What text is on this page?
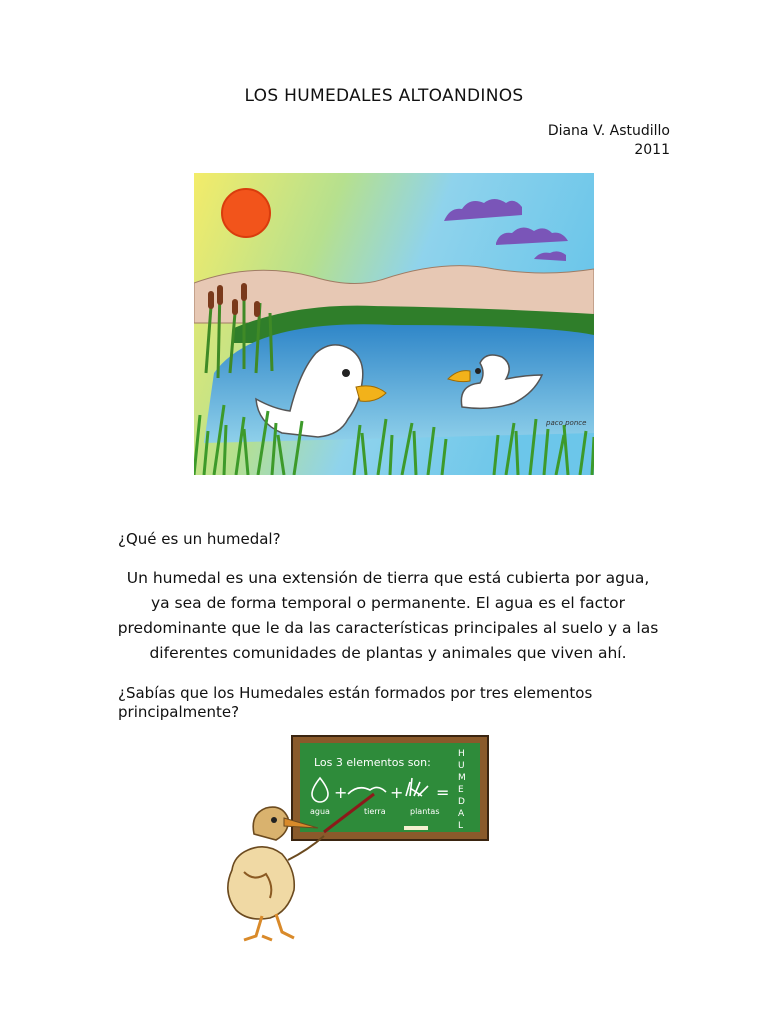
LOS HUMEDALES ALTOANDINOS
Diana V. Astudillo
2011
paco ponce
¿Qué es un humedal?
Un humedal es una extensión de tierra que está cubierta por agua, ya sea de forma temporal o permanente. El agua es el factor predominante que le da las características principales al suelo y a las diferentes comunidades de plantas y animales que viven ahí.
¿Sabías que los Humedales están formados por tres elementos principalmente?
Los 3 elementos son:
+	+ =
agua	tierra	plantas
H
U
M
E
D
A
L
